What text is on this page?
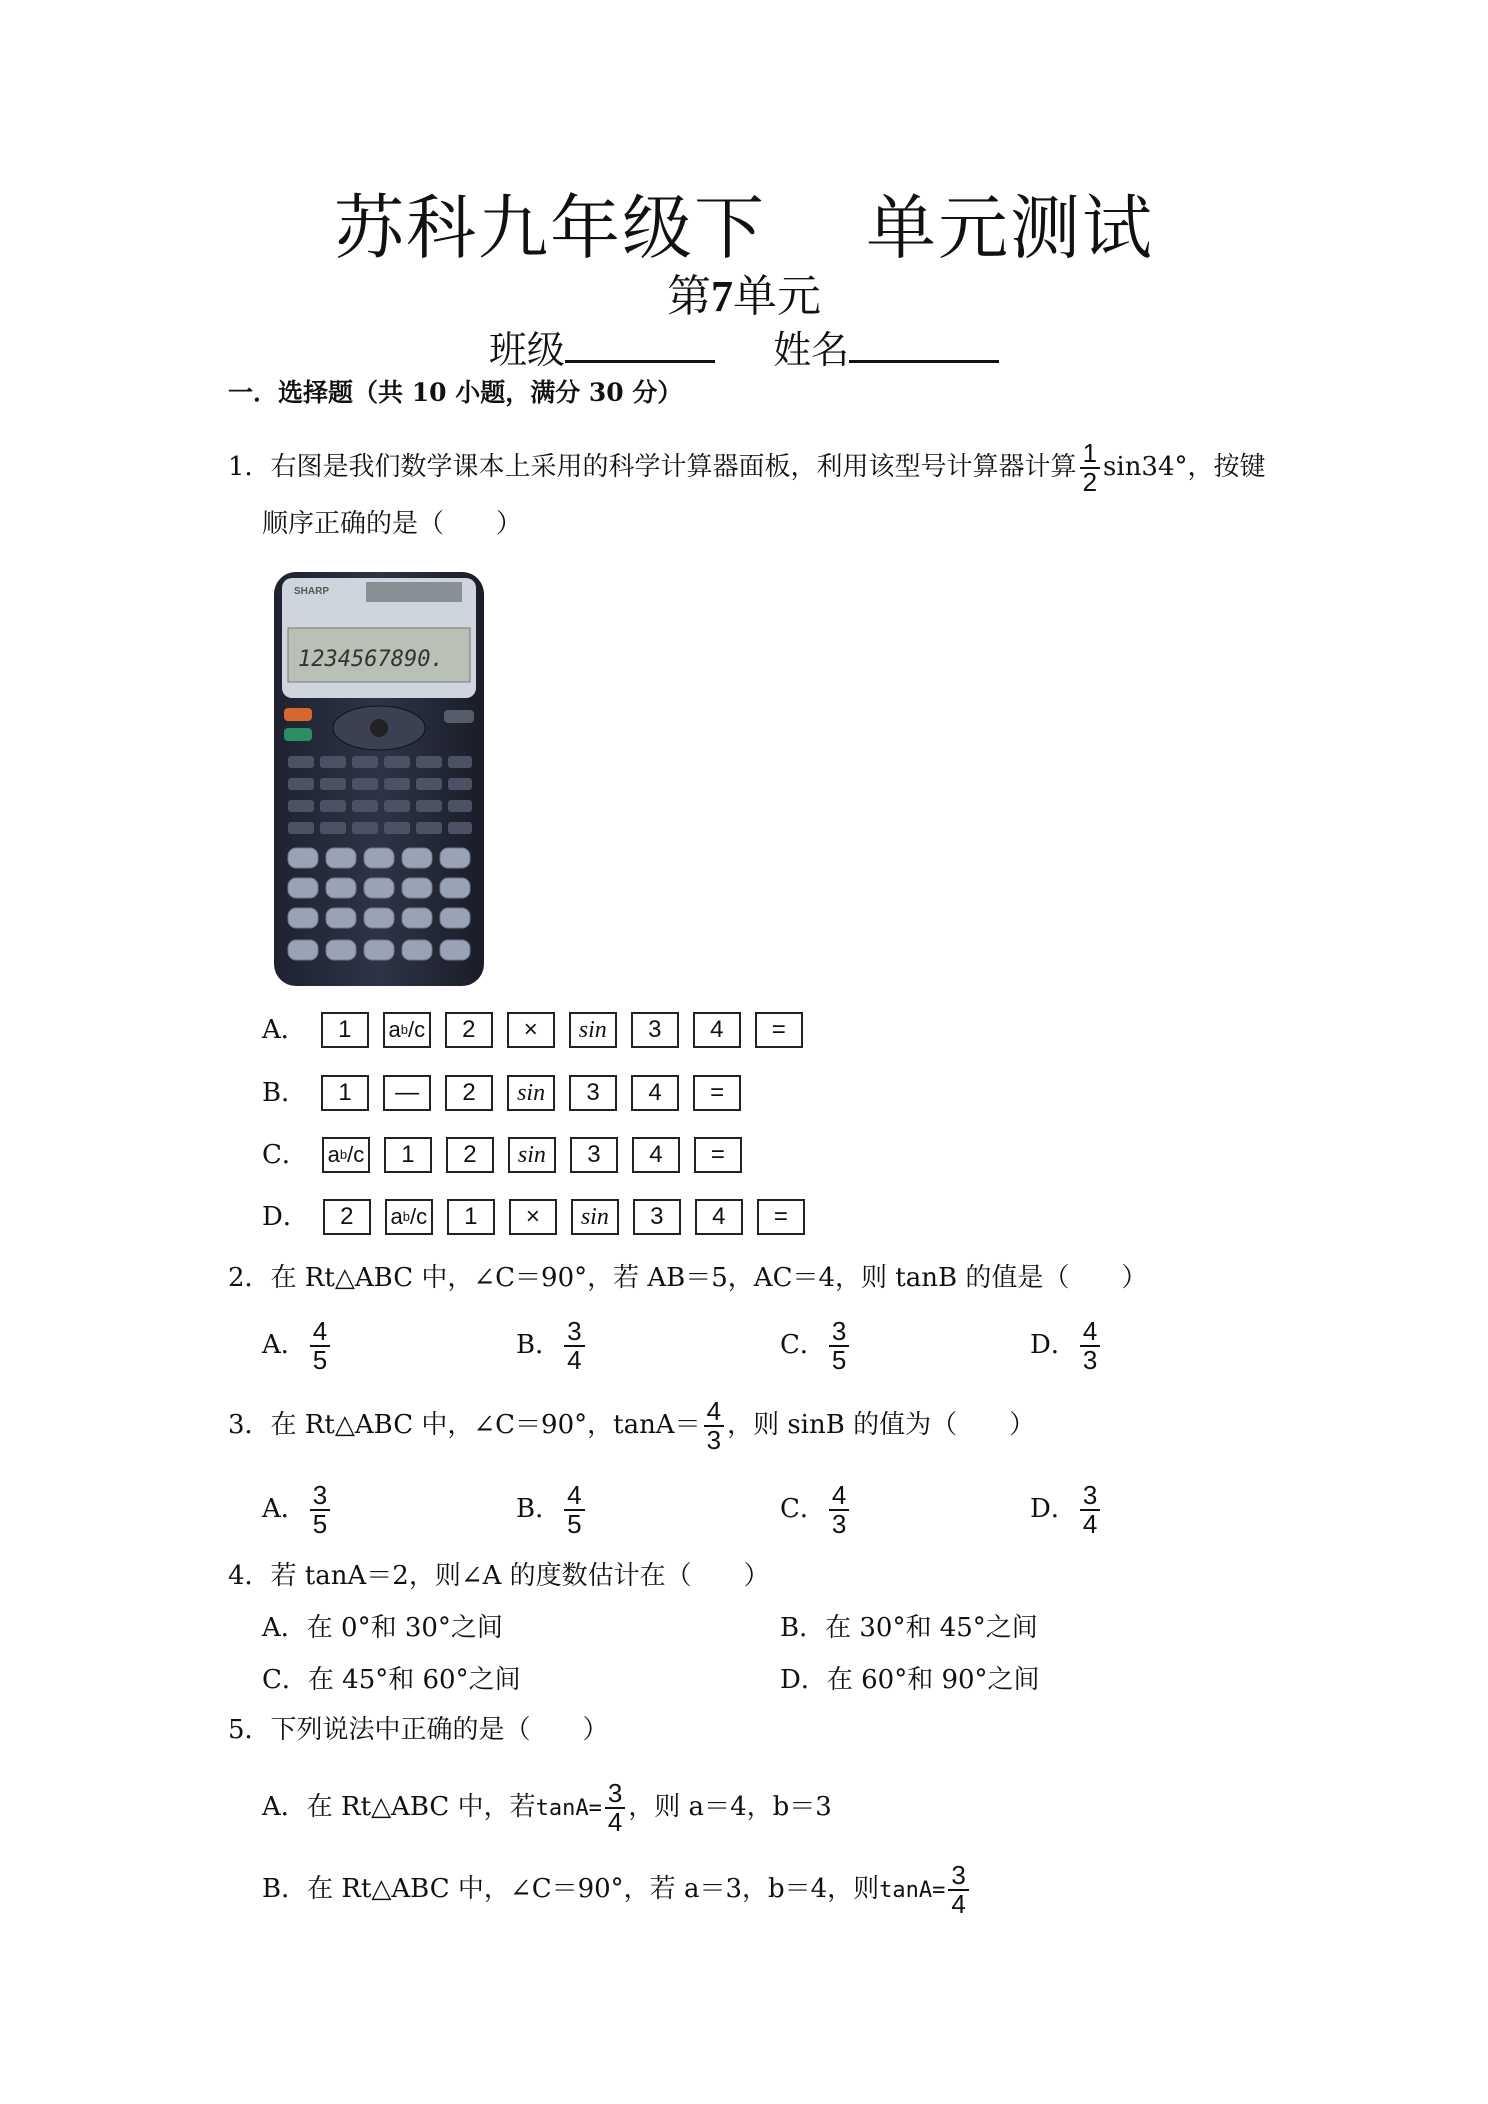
苏科九年级下 单元测试
第7单元
班级	姓名
一．选择题（共 10 小题，满分 30 分）
1．右图是我们数学课本上采用的科学计算器面板，利用该型号计算器计算 $\frac{1}{2} \sin 34^\circ$，按键
顺序正确的是（　　）
SHARP
1234567890.
A．	1	a b /c	2	×	sin	3	4	=
B．	1	—	2	sin	3	4	=
C． a b /c	1	2	sin	3	4	=
D．	2	a b /c	1	×	sin	3	4	=
2．在 Rt△ABC 中，∠C＝90°，若 AB＝5，AC＝4，则 tanB 的值是（　　）
A． $\frac{4}{5}$	B． $\frac{3}{4}$	C． $\frac{3}{5}$	D． $\frac{4}{3}$
3．在 Rt△ABC 中，∠C＝90°，$\tan A= \frac{4}{3}$ ，则 sinB 的值为（　　）
A． $\frac{3}{5}$	B． $\frac{4}{5}$	C． $\frac{4}{3}$	D． $\frac{3}{4}$
4．若 tanA＝2，则∠A 的度数估计在（　　）
A．在 0°和 30°之间	B．在 30°和 45°之间
C．在 45°和 60°之间	D．在 60°和 90°之间
5．下列说法中正确的是（　　）
A．在 Rt△ABC 中，若$\tan A= \frac{3}{4}$ ，则 a＝4，b＝3
B．在 Rt△ABC 中，∠C＝90°，若 a＝3，b＝4，则$\tan A= \frac{3}{4}$
